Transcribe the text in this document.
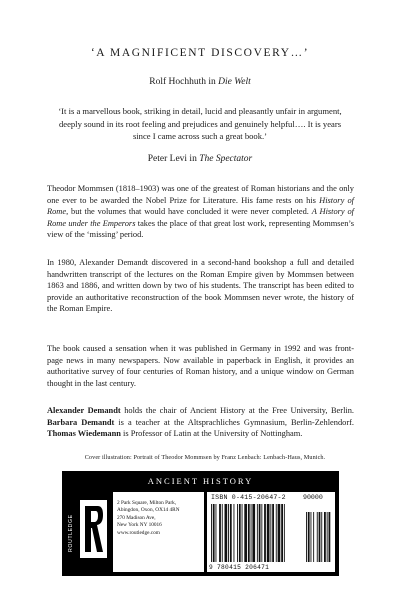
‘A MAGNIFICENT DISCOVERY…’
Rolf Hochhuth in Die Welt
‘It is a marvellous book, striking in detail, lucid and pleasantly unfair in argument, deeply sound in its root feeling and prejudices and genuinely helpful…. It is years since I came across such a great book.’
Peter Levi in The Spectator

Theodor Mommsen (1818–1903) was one of the greatest of Roman historians and the only one ever to be awarded the Nobel Prize for Literature. His fame rests on his History of Rome, but the volumes that would have concluded it were never completed. A History of Rome under the Emperors takes the place of that great lost work, representing Mommsen’s view of the ‘missing’ period.

In 1980, Alexander Demandt discovered in a second-hand bookshop a full and detailed handwritten transcript of the lectures on the Roman Empire given by Mommsen between 1863 and 1886, and written down by two of his students. The transcript has been edited to provide an authoritative reconstruction of the book Mommsen never wrote, the history of the Roman Empire.

The book caused a sensation when it was published in Germany in 1992 and was front-page news in many newspapers. Now available in paperback in English, it provides an authoritative survey of four centuries of Roman history, and a unique window on German thought in the last century.

Alexander Demandt holds the chair of Ancient History at the Free University, Berlin. Barbara Demandt is a teacher at the Altsprachliches Gymnasium, Berlin-Zehlendorf. Thomas Wiedemann is Professor of Latin at the University of Nottingham.

Cover illustration: Portrait of Theodor Mommsen by Franz Lenbach: Lenbach-Haus, Munich.
ANCIENT HISTORY
ROUTLEDGE
2 Park Square, Milton Park,
Abingdon, Oxon, OX14 4RN
270 Madison Ave,
New York NY 10016
www.routledge.com
ISBN 0-415-20647-2	90000
9 780415 206471
